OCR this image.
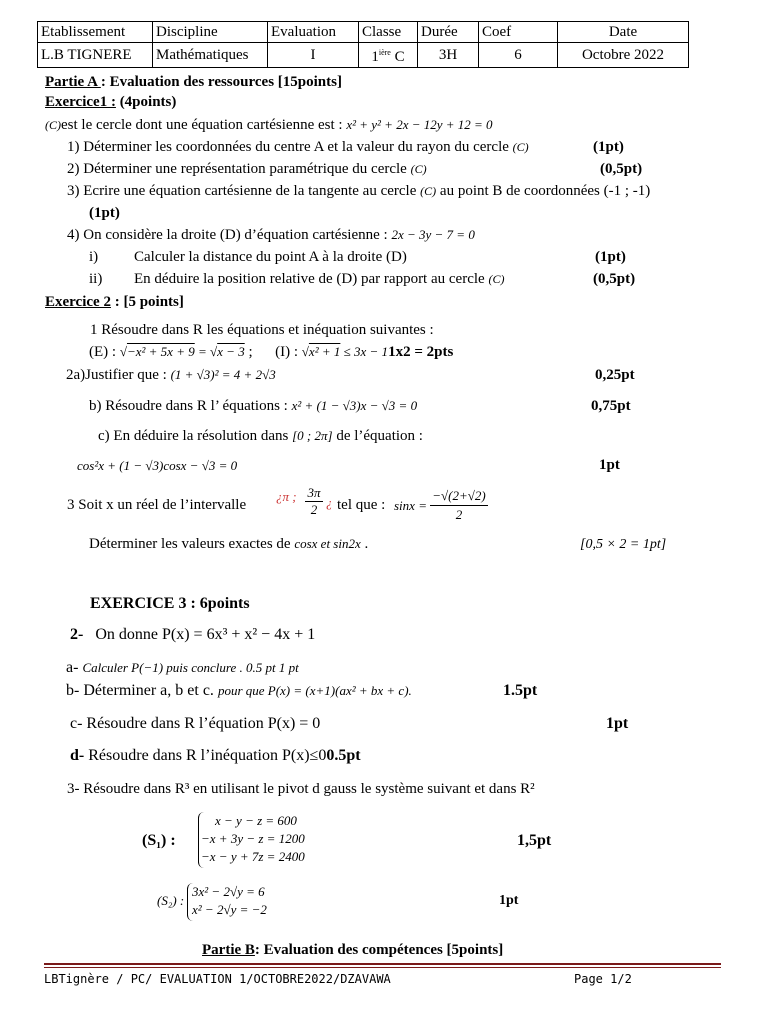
Etablissement	Discipline	Evaluation	Classe	Durée	Coef	Date
L.B TIGNERE	Mathématiques	I	$1^{ière}$ C	3H	6	Octobre 2022
Partie A : Evaluation des ressources [15points]
Exercice1 : (4points)
(C)est le cercle dont une équation cartésienne est : x² + y² + 2x − 12y + 12 = 0
1) Déterminer les coordonnées du centre A et la valeur du rayon du cercle (C)	(1pt)
2) Déterminer une représentation paramétrique du cercle (C)	(0,5pt)
3) Ecrire une équation cartésienne de la tangente au cercle (C) au point B de coordonnées (-1 ; -1)
(1pt)
4) On considère la droite (D) d’équation cartésienne : 2x − 3y − 7 = 0
i) Calculer la distance du point A à la droite (D)	(1pt)
ii) En déduire la position relative de (D) par rapport au cercle (C)	(0,5pt)
Exercice 2 : [5 points]
1 Résoudre dans R les équations et inéquation suivantes :
(E) : √−x² + 5x + 9 = √x − 3 ; (I) : √x² + 1 ≤ 3x − 11x2 = 2pts
2a)Justifier que : (1 + √3)² = 4 + 2√3	0,25pt
b) Résoudre dans R l’ équations : x² + (1 − √3)x − √3 = 0	0,75pt
c) En déduire la résolution dans [0 ; 2π] de l’équation :
cos²x + (1 − √3)cosx − √3 = 0	1pt
3 Soit x un réel de l’intervalle
¿π ; 3π
2 ¿ tel que : sinx =
−√(2+√2)
2
Déterminer les valeurs exactes de cosx et sin2x .	[0,5 × 2 = 1pt]
EXERCICE 3 : 6points
2- On donne P(x) = 6x³ + x² − 4x + 1
a- Calculer P(−1) puis conclure . 0.5 pt 1 pt
b- Déterminer a, b et c. pour que P(x) = (x+1)(ax² + bx + c).	1.5pt
c- Résoudre dans R l’équation P(x) = 0	1pt
d- Résoudre dans R l’inéquation P(x)≤00.5pt
3- Résoudre dans R³ en utilisant le pivot d gauss le système suivant et dans R²
(S₁) :
x − y − z = 600
−x + 3y − z = 1200
−x − y + 7z = 2400
1,5pt
(S₂) :
3x² − 2√y = 6
x² − 2√y = −2
1pt
Partie B: Evaluation des compétences [5points]
LBTignère / PC/ EVALUATION 1/OCTOBRE2022/DZAVAWA	Page 1/2
